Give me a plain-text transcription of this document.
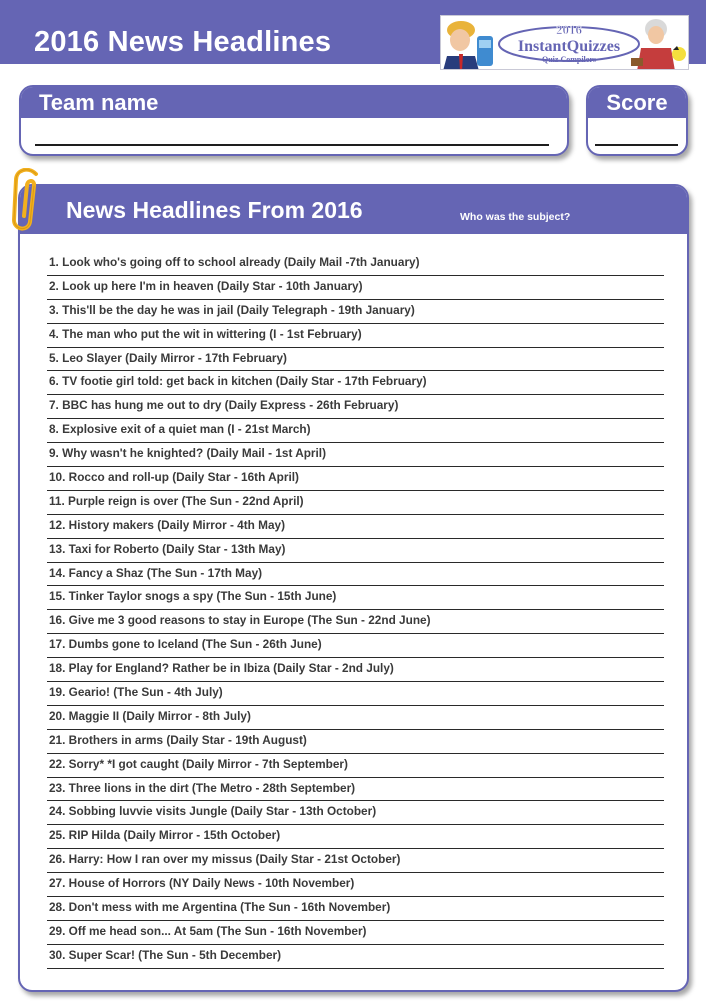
2016 News Headlines	2016
InstantQuizzes
Quiz Compilers
Team name	Score
News Headlines From 2016	Who was the subject?
1. Look who's going off to school already (Daily Mail -7th January)
2. Look up here I'm in heaven (Daily Star - 10th January)
3. This'll be the day he was in jail (Daily Telegraph - 19th January)
4. The man who put the wit in wittering (I - 1st February)
5. Leo Slayer (Daily Mirror - 17th February)
6. TV footie girl told: get back in kitchen (Daily Star - 17th February)
7. BBC has hung me out to dry (Daily Express - 26th February)
8. Explosive exit of a quiet man (I - 21st March)
9. Why wasn't he knighted? (Daily Mail - 1st April)
10. Rocco and roll-up (Daily Star - 16th April)
11. Purple reign is over (The Sun - 22nd April)
12. History makers (Daily Mirror - 4th May)
13. Taxi for Roberto (Daily Star - 13th May)
14. Fancy a Shaz (The Sun - 17th May)
15. Tinker Taylor snogs a spy (The Sun - 15th June)
16. Give me 3 good reasons to stay in Europe (The Sun - 22nd June)
17. Dumbs gone to Iceland (The Sun - 26th June)
18. Play for England? Rather be in Ibiza (Daily Star - 2nd July)
19. Geario! (The Sun - 4th July)
20. Maggie II (Daily Mirror - 8th July)
21. Brothers in arms (Daily Star - 19th August)
22. Sorry* *I got caught (Daily Mirror - 7th September)
23. Three lions in the dirt (The Metro - 28th September)
24. Sobbing luvvie visits Jungle (Daily Star - 13th October)
25. RIP Hilda (Daily Mirror - 15th October)
26. Harry: How I ran over my missus (Daily Star - 21st October)
27. House of Horrors (NY Daily News - 10th November)
28. Don't mess with me Argentina (The Sun - 16th November)
29. Off me head son... At 5am (The Sun - 16th November)
30. Super Scar! (The Sun - 5th December)
